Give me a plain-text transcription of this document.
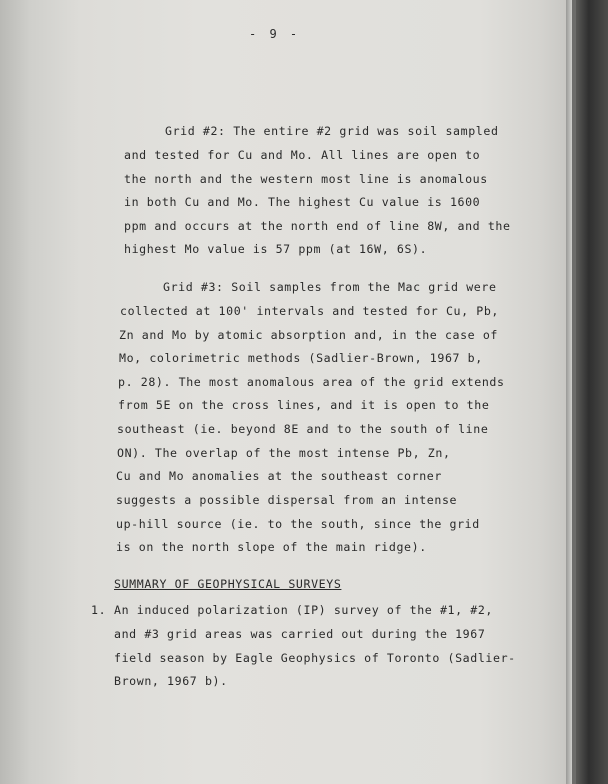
- 9 -
Grid #2: The entire #2 grid was soil sampled
and tested for Cu and Mo. All lines are open to
the north and the western most line is anomalous
in both Cu and Mo. The highest Cu value is 1600
ppm and occurs at the north end of line 8W, and the
highest Mo value is 57 ppm (at 16W, 6S).
Grid #3: Soil samples from the Mac grid were
collected at 100' intervals and tested for Cu, Pb,
Zn and Mo by atomic absorption and, in the case of
Mo, colorimetric methods (Sadlier-Brown, 1967 b,
p. 28). The most anomalous area of the grid extends
from 5E on the cross lines, and it is open to the
southeast (ie. beyond 8E and to the south of line
ON). The overlap of the most intense Pb, Zn,
Cu and Mo anomalies at the southeast corner
suggests a possible dispersal from an intense
up-hill source (ie. to the south, since the grid
is on the north slope of the main ridge).
SUMMARY OF GEOPHYSICAL SURVEYS
1. An induced polarization (IP) survey of the #1, #2,
and #3 grid areas was carried out during the 1967
field season by Eagle Geophysics of Toronto (Sadlier-
Brown, 1967 b).
